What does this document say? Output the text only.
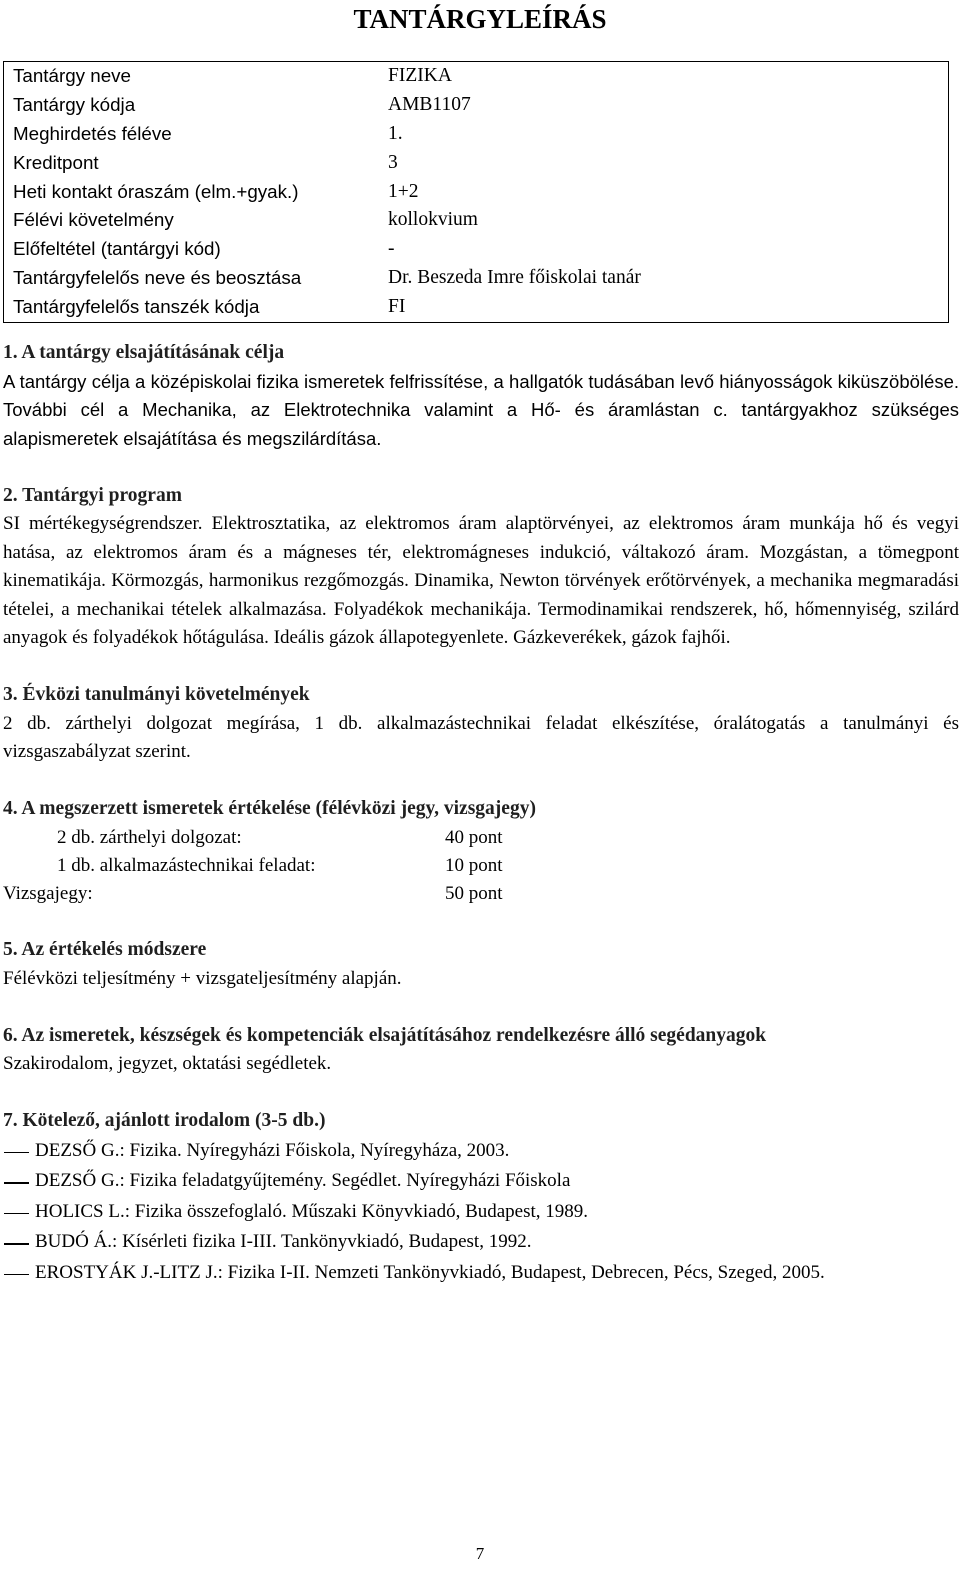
TANTÁRGYLEÍRÁS
Tantárgy neve	FIZIKA
Tantárgy kódja	AMB1107
Meghirdetés féléve	1.
Kreditpont	3
Heti kontakt óraszám (elm.+gyak.)	1+2
Félévi követelmény	kollokvium
Előfeltétel (tantárgyi kód)	-
Tantárgyfelelős neve és beosztása	Dr. Beszeda Imre főiskolai tanár
Tantárgyfelelős tanszék kódja	FI
1. A tantárgy elsajátításának célja

A tantárgy célja a középiskolai fizika ismeretek felfrissítése, a hallgatók tudásában levő hiányosságok kiküszöbölése. További cél a Mechanika, az Elektrotechnika valamint a Hő- és áramlástan c. tantárgyakhoz szükséges alapismeretek elsajátítása és megszilárdítása.

2. Tantárgyi program

SI mértékegységrendszer. Elektrosztatika, az elektromos áram alaptörvényei, az elektromos áram munkája hő és vegyi hatása, az elektromos áram és a mágneses tér, elektromágneses indukció, váltakozó áram. Mozgástan, a tömegpont kinematikája. Körmozgás, harmonikus rezgőmozgás. Dinamika, Newton törvények erőtörvények, a mechanika megmaradási tételei, a mechanikai tételek alkalmazása. Folyadékok mechanikája. Termodinamikai rendszerek, hő, hőmennyiség, szilárd anyagok és folyadékok hőtágulása. Ideális gázok állapotegyenlete. Gázkeverékek, gázok fajhői.

3. Évközi tanulmányi követelmények

2 db. zárthelyi dolgozat megírása, 1 db. alkalmazástechnikai feladat elkészítése, óralátogatás a tanulmányi és vizsgaszabályzat szerint.

4. A megszerzett ismeretek értékelése (félévközi jegy, vizsgajegy)
2 db. zárthelyi dolgozat:	40 pont
1 db. alkalmazástechnikai feladat:	10 pont
Vizsgajegy:	50 pont
5. Az értékelés módszere

Félévközi teljesítmény + vizsgateljesítmény alapján.

6. Az ismeretek, készségek és kompetenciák elsajátításához rendelkezésre álló segédanyagok

Szakirodalom, jegyzet, oktatási segédletek.

7. Kötelező, ajánlott irodalom (3-5 db.)
DEZSŐ G.: Fizika. Nyíregyházi Főiskola, Nyíregyháza, 2003.
DEZSŐ G.: Fizika feladatgyűjtemény. Segédlet. Nyíregyházi Főiskola
HOLICS L.: Fizika összefoglaló. Műszaki Könyvkiadó, Budapest, 1989.
BUDÓ Á.: Kísérleti fizika I-III. Tankönyvkiadó, Budapest, 1992.
EROSTYÁK J.-LITZ J.: Fizika I-II. Nemzeti Tankönyvkiadó, Budapest, Debrecen, Pécs, Szeged, 2005.
7
